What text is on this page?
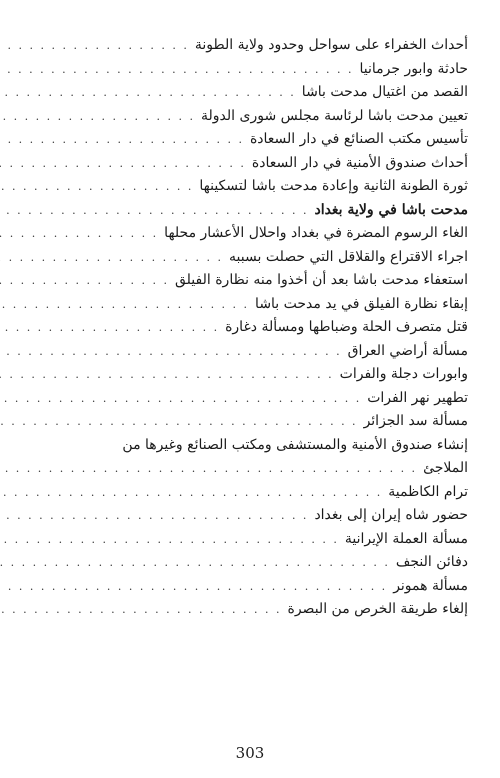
أحداث الخفراء على سواحل وحدود ولاية الطونة
. . .
حادثة وابور جرمانيا
. . .
القصد من اغتيال مدحت باشا
. . .
تعيين مدحت باشا لرئاسة مجلس شورى الدولة
. . .
تأسيس مكتب الصنائع في دار السعادة
. . .
أحداث صندوق الأمنية في دار السعادة
. . .
ثورة الطونة الثانية وإعادة مدحت باشا لتسكينها
. . .
مدحت باشا في ولاية بغداد
. . .
الغاء الرسوم المضرة في بغداد واحلال الأعشار محلها
. . .
اجراء الاقتراع والقلاقل التي حصلت بسببه
. . .
استعفاء مدحت باشا بعد أن أخذوا منه نظارة الفيلق
. . .
إبقاء نظارة الفيلق في يد مدحت باشا
. . .
قتل متصرف الحلة وضباطها ومسألة دغارة
. . .
مسألة أراضي العراق
. . .
وابورات دجلة والفرات
. . .
تطهير نهر الفرات
. . .
مسألة سد الجزائر
. . .
إنشاء صندوق الأمنية والمستشفى ومكتب الصنائع وغيرها من
الملاجئ
. . .
ترام الكاظمية
. . .
حضور شاه إيران إلى بغداد
. . .
مسألة العملة الإيرانية
. . .
دفائن النجف
. . .
مسألة همونر
. . .
إلغاء طريقة الخرص من البصرة
. . .
303
